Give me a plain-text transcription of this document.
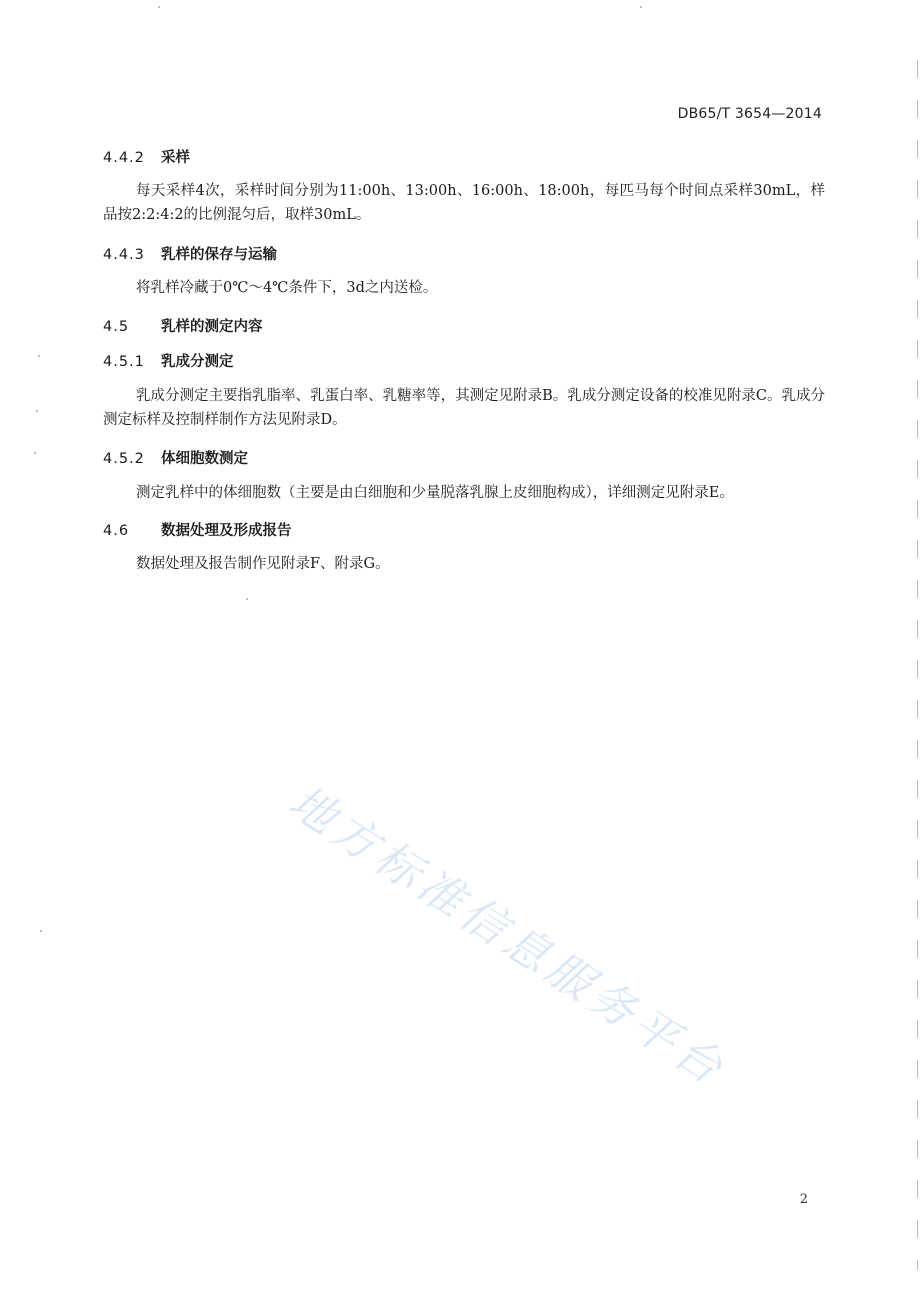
DB65/T 3654—2014
4.4.2 采样
每天采样4次，采样时间分别为11:00h、13:00h、16:00h、18:00h，每匹马每个时间点采样30mL，样品按2:2:4:2的比例混匀后，取样30mL。
4.4.3 乳样的保存与运输
将乳样冷藏于0℃～4℃条件下，3d之内送检。
4.5 乳样的测定内容
4.5.1 乳成分测定
乳成分测定主要指乳脂率、乳蛋白率、乳糖率等，其测定见附录B。乳成分测定设备的校准见附录C。乳成分测定标样及控制样制作方法见附录D。
4.5.2 体细胞数测定
测定乳样中的体细胞数（主要是由白细胞和少量脱落乳腺上皮细胞构成），详细测定见附录E。
4.6 数据处理及形成报告
数据处理及报告制作见附录F、附录G。
地方标准信息服务平台
2
